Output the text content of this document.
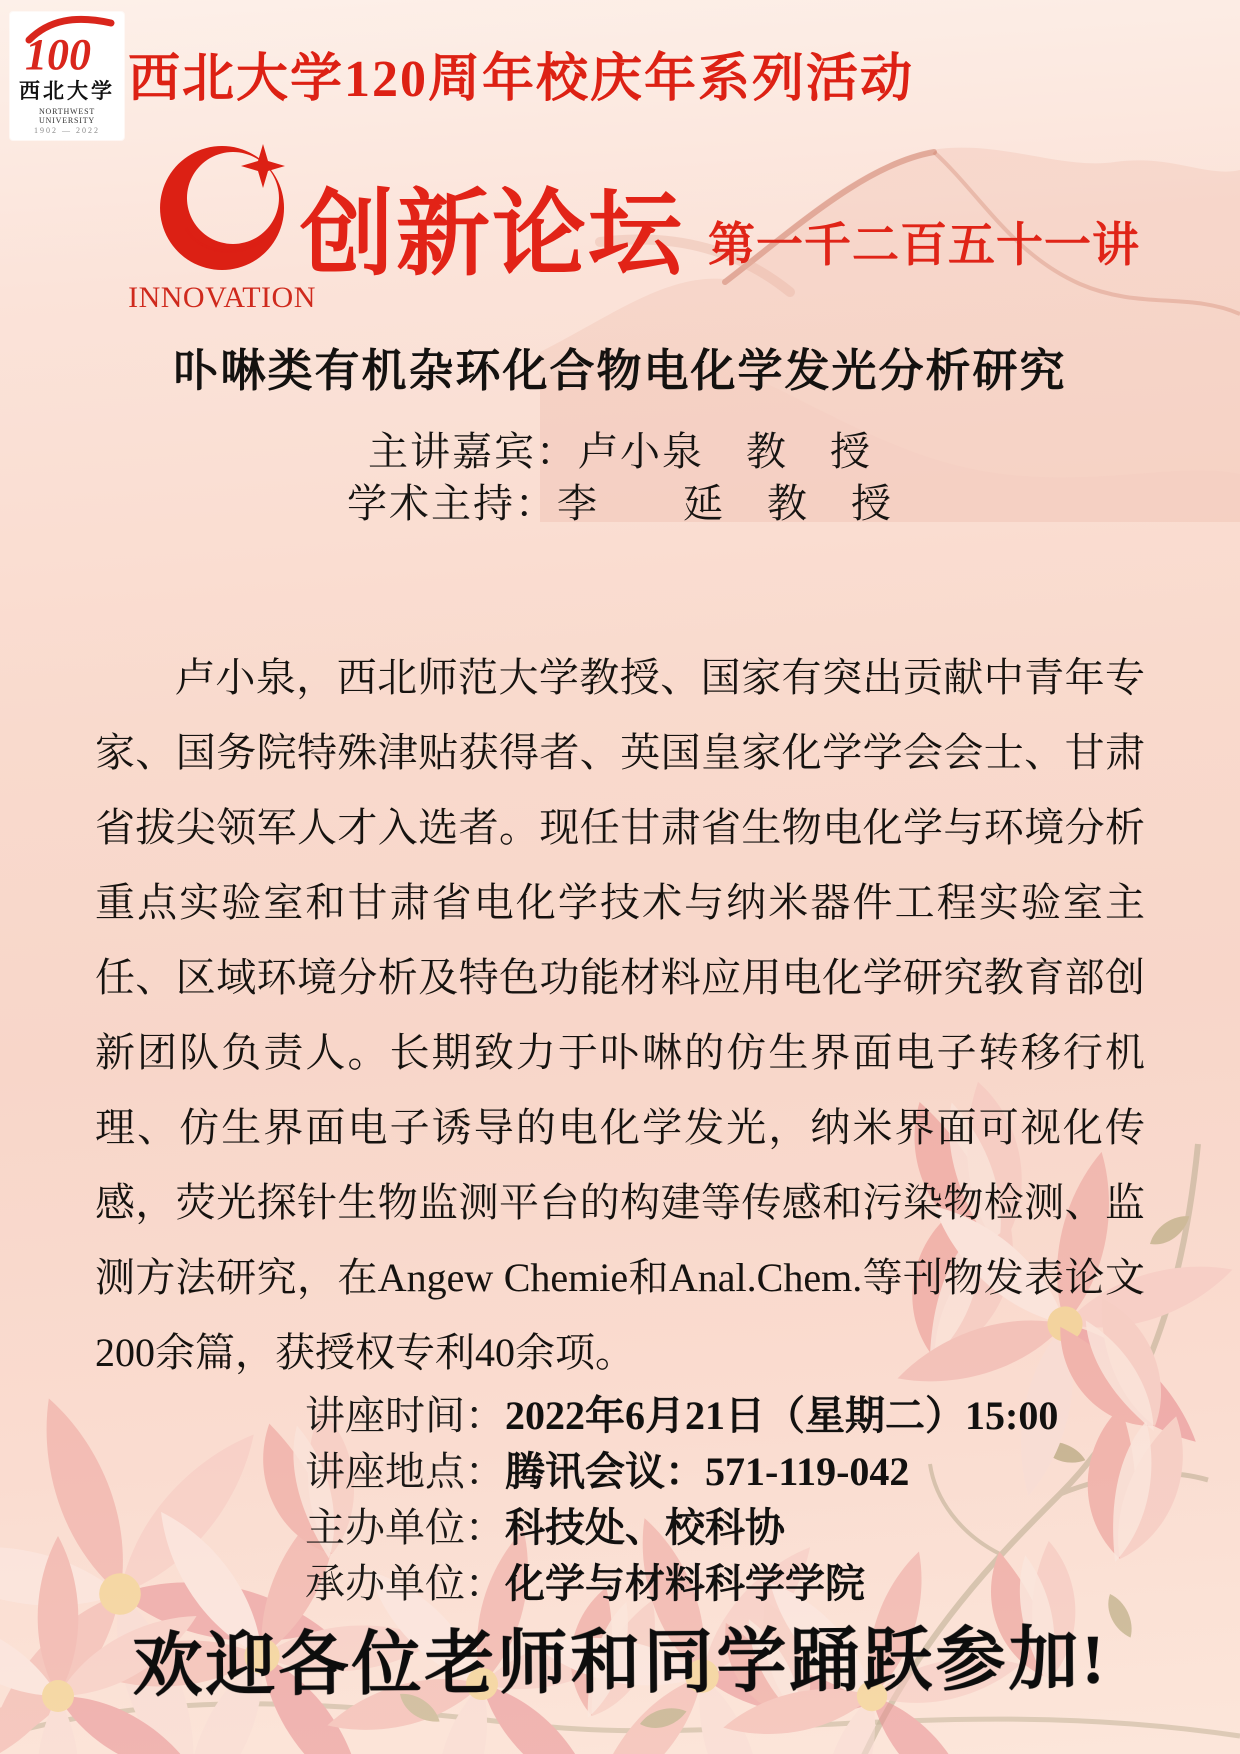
100
西北大学
NORTHWEST UNIVERSITY
1902 — 2022
西北大学120周年校庆年系列活动
INNOVATION
创新论坛 第一千二百五十一讲
卟啉类有机杂环化合物电化学发光分析研究
主讲嘉宾：卢小泉　教　授
学术主持：李　　延　教　授

卢小泉，西北师范大学教授、国家有突出贡献中青年专家、国务院特殊津贴获得者、英国皇家化学学会会士、甘肃省拔尖领军人才入选者。现任甘肃省生物电化学与环境分析重点实验室和甘肃省电化学技术与纳米器件工程实验室主任、区域环境分析及特色功能材料应用电化学研究教育部创新团队负责人。长期致力于卟啉的仿生界面电子转移行机理、仿生界面电子诱导的电化学发光，纳米界面可视化传感，荧光探针生物监测平台的构建等传感和污染物检测、监测方法研究，在Angew Chemie和Anal.Chem.等刊物发表论文200余篇，获授权专利40余项。

讲座时间：2022年6月21日（星期二）15:00
讲座地点：腾讯会议：571-119-042
主办单位：科技处、校科协
承办单位：化学与材料科学学院
欢迎各位老师和同学踊跃参加!
